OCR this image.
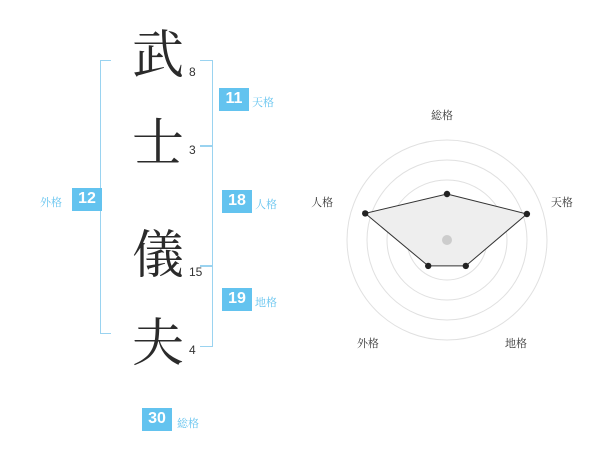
武
士
儀
夫
8
3
15
4
11 天格
18 人格
19 地格
12
外格
30	総格
総格
天格
地格
外格
人格
